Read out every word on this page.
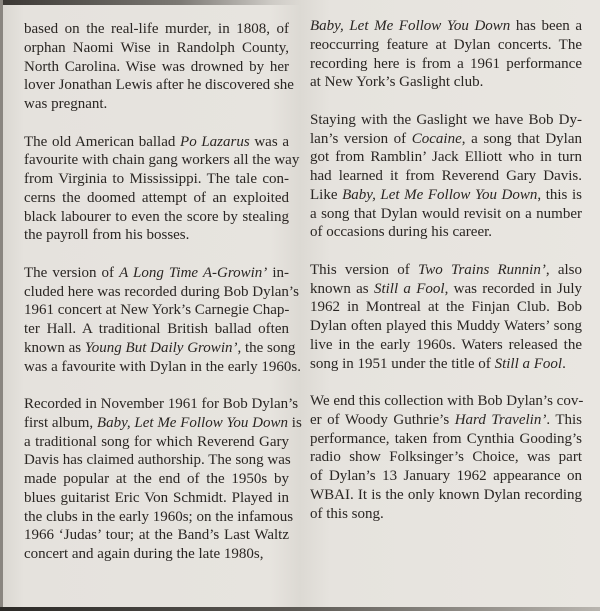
based on the real-life murder, in 1808, of
orphan Naomi Wise in Randolph County,
North Carolina. Wise was drowned by her
lover Jonathan Lewis after he discovered she
was pregnant.
The old American ballad Po Lazarus was a
favourite with chain gang workers all the way
from Virginia to Mississippi. The tale con-
cerns the doomed attempt of an exploited
black labourer to even the score by stealing
the payroll from his bosses.
The version of A Long Time A-Growin’ in-
cluded here was recorded during Bob Dylan’s
1961 concert at New York’s Carnegie Chap-
ter Hall. A traditional British ballad often
known as Young But Daily Growin’, the song
was a favourite with Dylan in the early 1960s.
Recorded in November 1961 for Bob Dylan’s
first album, Baby, Let Me Follow You Down is
a traditional song for which Reverend Gary
Davis has claimed authorship. The song was
made popular at the end of the 1950s by
blues guitarist Eric Von Schmidt. Played in
the clubs in the early 1960s; on the infamous
1966 ‘Judas’ tour; at the Band’s Last Waltz
concert and again during the late 1980s,
Baby, Let Me Follow You Down has been a
reoccurring feature at Dylan concerts. The
recording here is from a 1961 performance
at New York’s Gaslight club.
Staying with the Gaslight we have Bob Dy-
lan’s version of Cocaine, a song that Dylan
got from Ramblin’ Jack Elliott who in turn
had learned it from Reverend Gary Davis.
Like Baby, Let Me Follow You Down, this is
a song that Dylan would revisit on a number
of occasions during his career.
This version of Two Trains Runnin’, also
known as Still a Fool, was recorded in July
1962 in Montreal at the Finjan Club. Bob
Dylan often played this Muddy Waters’ song
live in the early 1960s. Waters released the
song in 1951 under the title of Still a Fool.
We end this collection with Bob Dylan’s cov-
er of Woody Guthrie’s Hard Travelin’. This
performance, taken from Cynthia Gooding’s
radio show Folksinger’s Choice, was part
of Dylan’s 13 January 1962 appearance on
WBAI. It is the only known Dylan recording
of this song.
